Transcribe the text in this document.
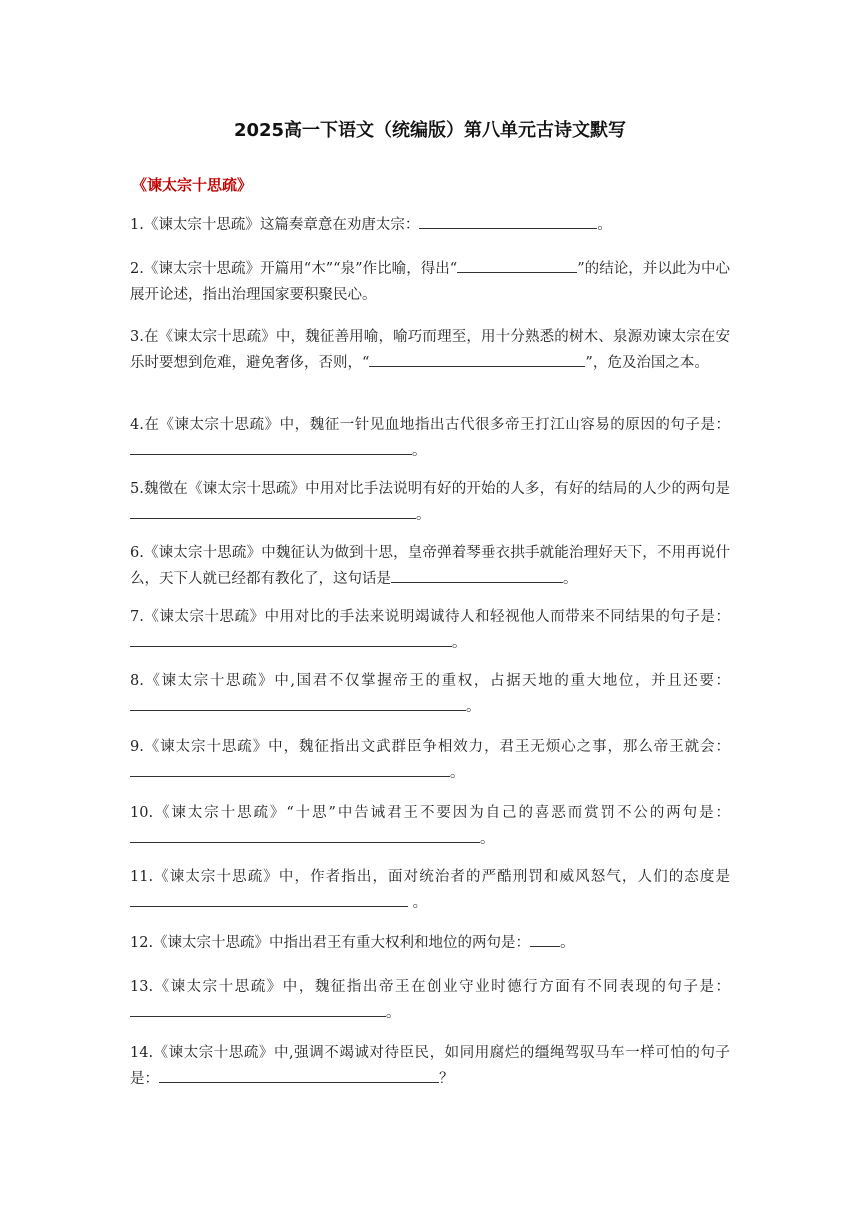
2025高一下语文（统编版）第八单元古诗文默写
《谏太宗十思疏》
1.《谏太宗十思疏》这篇奏章意在劝唐太宗：	。
2.《谏太宗十思疏》开篇用“木”“泉”作比喻，得出“	”的结论，并以此为中心展开论述，指出治理国家要积聚民心。
3.在《谏太宗十思疏》中，魏征善用喻，喻巧而理至，用十分熟悉的树木、泉源劝谏太宗在安乐时要想到危难，避免奢侈，否则，“	”，危及治国之本。
4.在《谏太宗十思疏》中，魏征一针见血地指出古代很多帝王打江山容易的原因的句子是：。
5.魏徵在《谏太宗十思疏》中用对比手法说明有好的开始的人多，有好的结局的人少的两句是。
6.《谏太宗十思疏》中魏征认为做到十思，皇帝弹着琴垂衣拱手就能治理好天下，不用再说什么，天下人就已经都有教化了，这句话是	。
7.《谏太宗十思疏》中用对比的手法来说明竭诚待人和轻视他人而带来不同结果的句子是：。
8.《谏太宗十思疏》中,国君不仅掌握帝王的重权，占据天地的重大地位，并且还要：。
9.《谏太宗十思疏》中，魏征指出文武群臣争相效力，君王无烦心之事，那么帝王就会：。
10.《谏太宗十思疏》“十思”中告诫君王不要因为自己的喜恶而赏罚不公的两句是：。
11.《谏太宗十思疏》中，作者指出，面对统治者的严酷刑罚和威风怒气，人们的态度是 。
12.《谏太宗十思疏》中指出君王有重大权利和地位的两句是： 。
13.《谏太宗十思疏》中，魏征指出帝王在创业守业时德行方面有不同表现的句子是：。
14.《谏太宗十思疏》中,强调不竭诚对待臣民，如同用腐烂的缰绳驾驭马车一样可怕的句子是：	？
